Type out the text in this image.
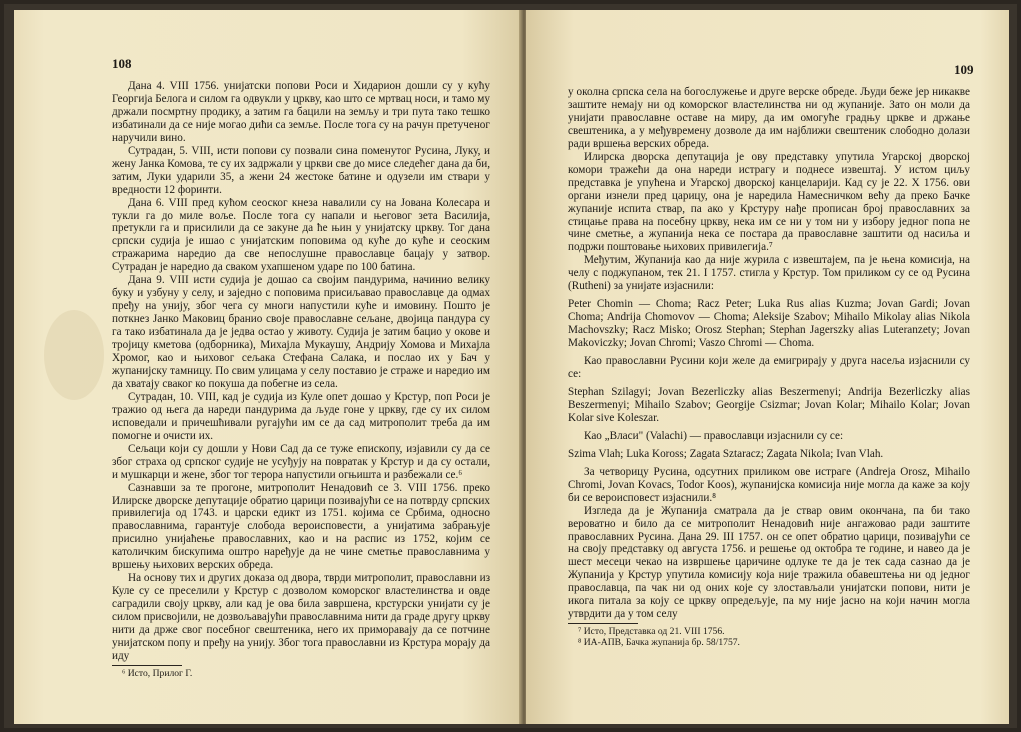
108

Дана 4. VIII 1756. унијатски попови Роси и Хидарион дошли су у кућу Георгија Белога и силом га одвукли у цркву, као што се мртвац носи, и тамо му држали посмртну продику, а затим га бацили на земљу и три пута тако тешко избатинали да се није могао дићи са земље. После тога су на рачун претученог наручили вино.

Сутрадан, 5. VIII, исти попови су позвали сина поменутог Русина, Луку, и жену Јанка Комова, те су их задржали у цркви све до мисе следећег дана да би, затим, Луки ударили 35, а жени 24 жестоке батине и одузели им ствари у вредности 12 форинти.

Дана 6. VIII пред кућом сеоског кнеза навалили су на Јована Колесара и тукли га до миле воље. После тога су напали и његовог зета Василија, претукли га и присилили да се закуне да ће њин у унијатску цркву. Тог дана српски судија је ишао с унијатским поповима од куће до куће и сеоским стражарима наредио да све непослушне православце бацају у затвор. Сутрадан је наредио да сваком ухапшеном ударе по 100 батина.

Дана 9. VIII исти судија је дошао са својим пандурима, начинио велику буку и узбуну у селу, и заједно с поповима присиљавао православце да одмах пређу на унију, због чега су многи напустили куће и имовину. Пошто је поткнез Јанко Маковиц бранио своје православне сељане, двојица пандура су га тако избатинала да је једва остао у животу. Судија је затим бацио у окове и тројицу кметова (одборника), Михајла Мукаушу, Андрију Хомова и Михајла Хромог, као и њиховог сељака Стефана Салака, и послао их у Бач у жупанијску тамницу. По свим улицама у селу поставио је страже и наредио им да хватају сваког ко покуша да побегне из села.

Сутрадан, 10. VIII, кад је судија из Куле опет дошао у Крстур, поп Роси је тражио од њега да нареди пандурима да људе гоне у цркву, где су их силом исповедали и причешћивали ругајући им се да сад митрополит треба да им помогне и очисти их.

Сељаци који су дошли у Нови Сад да се туже епископу, изјавили су да се због страха од српског судије не усуђују на повратак у Крстур и да су остали, и мушкарци и жене, због тог терора напустили огњишта и разбежали се.⁶

Сазнавши за те прогоне, митрополит Ненадовић се 3. VIII 1756. преко Илирске дворске депутације обратио царици позивајући се на потврду српских привилегија од 1743. и царски едикт из 1751. којима се Србима, односно православнима, гарантује слобода вероисповести, а унијатима забрањује присилно унијаћење православних, као и на распис из 1752, којим се католичким бискупима оштро наређује да не чине сметње православнима у вршењу њихових верских обреда.

На основу тих и других доказа од двора, тврди митрополит, православни из Куле су се преселили у Крстур с дозволом коморског властелинства и овде саградили своју цркву, али кад је ова била завршена, крстурски унијати су је силом присвојили, не дозвољавајући православнима нити да граде другу цркву нити да држе свог посебног свештеника, него их приморавају да се потчине унијатском попу и пређу на унију. Због тога православни из Крстура морају да иду

⁶ Исто, Прилог Г.

109

у околна српска села на богослужење и друге верске обреде. Људи беже јер никакве заштите немају ни од коморског властелинства ни од жупаније. Зато он моли да унијати православне оставе на миру, да им омогуће градњу цркве и држање свештеника, а у међувремену дозволе да им најближи свештеник слободно долази ради вршења верских обреда.

Илирска дворска депутација је ову представку упутила Угарској дворској комори тражећи да она нареди истрагу и поднесе извештај. У истом циљу представка је упућена и Угарској дворској канцеларији. Кад су је 22. X 1756. ови органи изнели пред царицу, она је наредила Намесничком већу да преко Бачке жупаније испита ствар, па ако у Крстуру нађе прописан број православних за стицање права на посебну цркву, нека им се ни у том ни у избору једног попа не чине сметње, а жупанија нека се постара да православне заштити од насиља и подржи поштовање њихових привилегија.⁷

Међутим, Жупанија као да није журила с извештајем, па је њена комисија, на челу с поджупаном, тек 21. I 1757. стигла у Крстур. Том приликом су се од Русина (Rutheni) за унијате изјаснили:

Peter Chomin — Choma; Racz Peter; Luka Rus alias Kuzma; Jovan Gardi; Jovan Choma; Andrija Chomovov — Choma; Aleksije Szabov; Mihailo Mikolay alias Nikola Machovszky; Racz Misko; Orosz Stephan; Stephan Jagerszky alias Luteranzety; Jovan Makoviczky; Jovan Chromi; Vaszo Chromi — Choma.

Као православни Русини који желе да емигрирају у друга насеља изјаснили су се:

Stephan Szilagyi; Jovan Bezerliczky alias Beszermenyi; Andrija Bezerliczky alias Beszermenyi; Mihailo Szabov; Georgije Csizmar; Jovan Kolar; Mihailo Kolar; Jovan Kolar sive Koleszar.

Као „Власи" (Valachi) — православци изјаснили су се:

Szima Vlah; Luka Koross; Zagata Sztaracz; Zagata Nikola; Ivan Vlah.

За четворицу Русина, одсутних приликом ове истраге (Andreja Orosz, Mihailo Chromi, Jovan Kovacs, Todor Koos), жупанијска комисија није могла да каже за коју би се вероисповест изјаснили.⁸

Изгледа да је Жупанија сматрала да је ствар овим окончана, па би тако вероватно и било да се митрополит Ненадовић није ангажовао ради заштите православних Русина. Дана 29. III 1757. он се опет обратио царици, позивајући се на своју представку од августа 1756. и решење од октобра те године, и навео да је шест месеци чекао на извршење царичине одлуке те да је тек сада сазнао да је Жупанија у Крстур упутила комисију која није тражила обавештења ни од једног православца, па чак ни од оних које су злостављали унијатски попови, нити је икога питала за коју се цркву опредељује, па му није јасно на који начин могла утврдити да у том селу

⁷ Исто, Представка од 21. VIII 1756.

⁸ ИА-АПВ, Бачка жупанија бр. 58/1757.
